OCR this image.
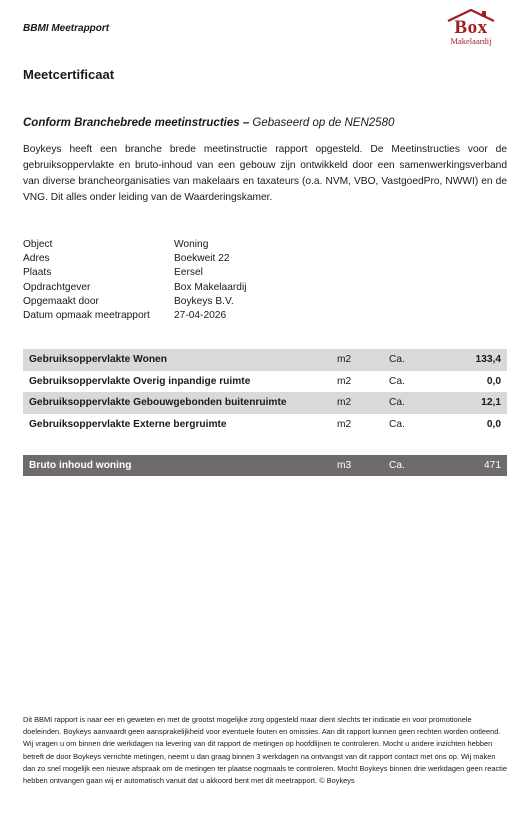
BBMI Meetrapport	Box
Makelaardij
Meetcertificaat
Conform Branchebrede meetinstructies – Gebaseerd op de NEN2580

Boykeys heeft een branche brede meetinstructie rapport opgesteld. De Meetinstructies voor de gebruiksoppervlakte en bruto-inhoud van een gebouw zijn ontwikkeld door een samenwerkingsverband van diverse brancheorganisaties van makelaars en taxateurs (o.a. NVM, VBO, VastgoedPro, NWWI) en de VNG. Dit alles onder leiding van de Waarderingskamer.

Object	Woning
Adres	Boekweit 22
Plaats	Eersel
Opdrachtgever	Box Makelaardij
Opgemaakt door	Boykeys B.V.
Datum opmaak meetrapport	27-04-2026
Gebruiksoppervlakte Wonen	m2	Ca.	133,4
Gebruiksoppervlakte Overig inpandige ruimte	m2	Ca.	0,0
Gebruiksoppervlakte Gebouwgebonden buitenruimte	m2	Ca.	12,1
Gebruiksoppervlakte Externe bergruimte	m2	Ca.	0,0
Bruto inhoud woning	m3	Ca.	471

Dit BBMI rapport is naar eer en geweten en met de grootst mogelijke zorg opgesteld maar dient slechts ter indicatie en voor promotionele doeleinden. Boykeys aanvaardt geen aansprakelijkheid voor eventuele fouten en omissies. Aan dit rapport kunnen geen rechten worden ontleend. Wij vragen u om binnen drie werkdagen na levering van dit rapport de metingen op hoofdlijnen te controleren. Mocht u andere inzichten hebben betreft de door Boykeys verrichte metingen, neemt u dan graag binnen 3 werkdagen na ontvangst van dit rapport contact met ons op. Wij maken dan zo snel mogelijk een nieuwe afspraak om de metingen ter plaatse nogmaals te controleren. Mocht Boykeys binnen drie werkdagen geen reactie hebben ontvangen gaan wij er automatisch vanuit dat u akkoord bent met dit meetrapport. © Boykeys
